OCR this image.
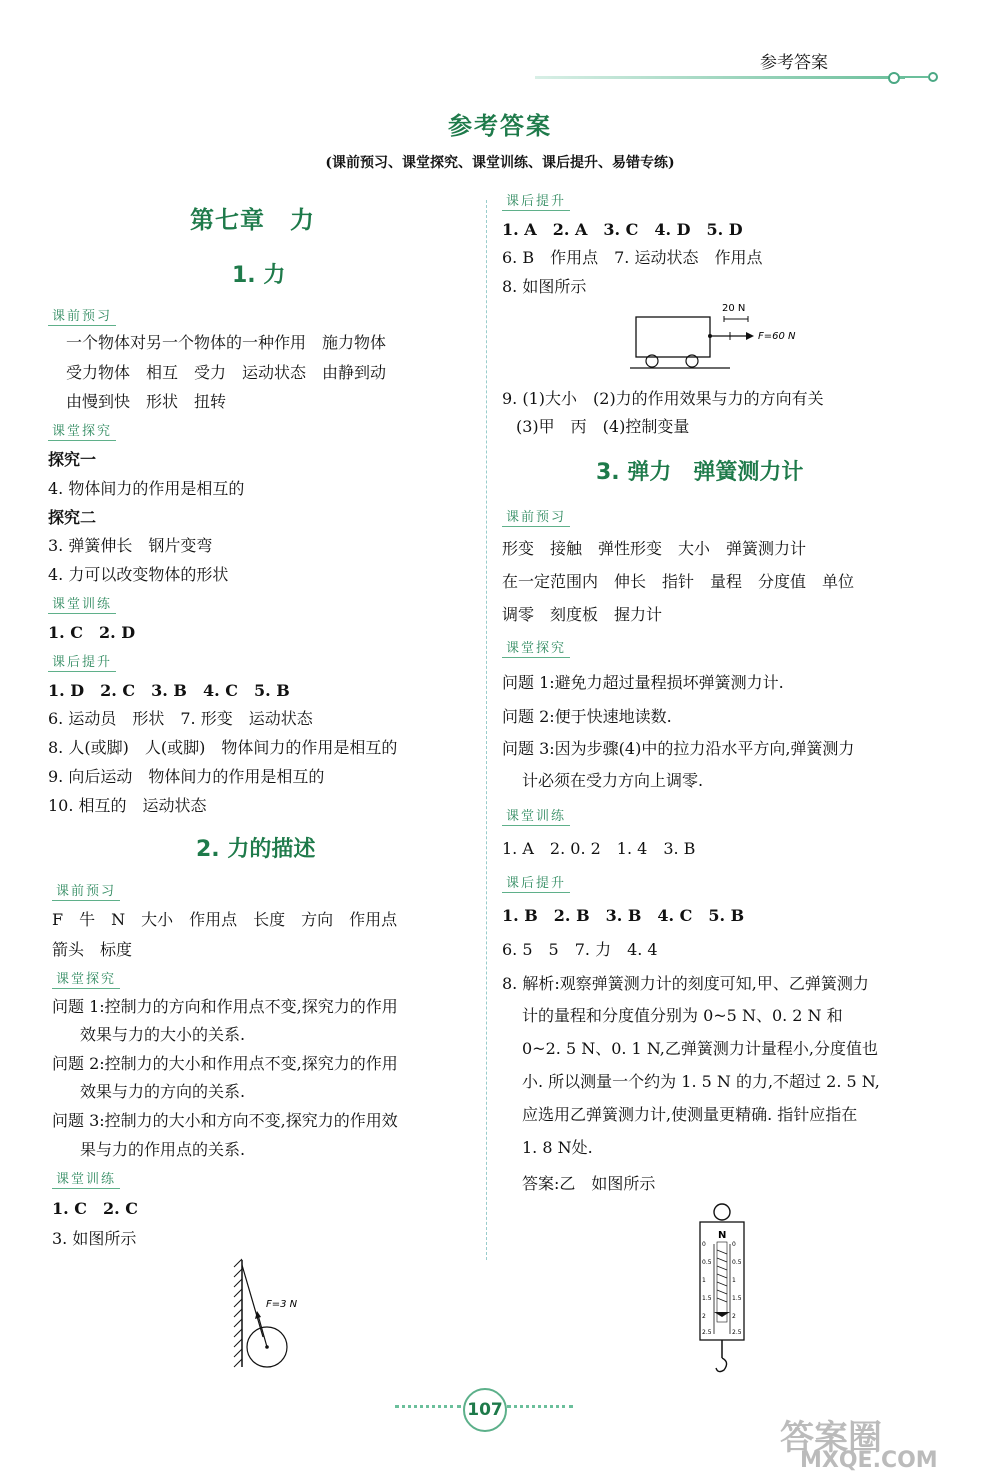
参考答案
参考答案
(课前预习、课堂探究、课堂训练、课后提升、易错专练)
第七章　力
1. 力
课前预习
一个物体对另一个物体的一种作用　施力物体
受力物体　相互　受力　运动状态　由静到动
由慢到快　形状　扭转
课堂探究
探究一
4. 物体间力的作用是相互的
探究二
3. 弹簧伸长　钢片变弯
4. 力可以改变物体的形状
课堂训练
1. C　2. D
课后提升
1. D　2. C　3. B　4. C　5. B
6. 运动员　形状　7. 形变　运动状态
8. 人(或脚)　人(或脚)　物体间力的作用是相互的
9. 向后运动　物体间力的作用是相互的
10. 相互的　运动状态
2. 力的描述
课前预习
F　牛　N　大小　作用点　长度　方向　作用点
箭头　标度
课堂探究
问题 1:控制力的方向和作用点不变,探究力的作用
效果与力的大小的关系.
问题 2:控制力的大小和作用点不变,探究力的作用
效果与力的方向的关系.
问题 3:控制力的大小和方向不变,探究力的作用效
果与力的作用点的关系.
课堂训练
1. C　2. C
3. 如图所示
F=3 N
课后提升
1. A　2. A　3. C　4. D　5. D
6. B　作用点　7. 运动状态　作用点
8. 如图所示
20 N
F=60 N
9. (1)大小　(2)力的作用效果与力的方向有关
(3)甲　丙　(4)控制变量
3. 弹力　弹簧测力计
课前预习
形变　接触　弹性形变　大小　弹簧测力计
在一定范围内　伸长　指针　量程　分度值　单位
调零　刻度板　握力计
课堂探究
问题 1:避免力超过量程损坏弹簧测力计.
问题 2:便于快速地读数.
问题 3:因为步骤(4)中的拉力沿水平方向,弹簧测力
计必须在受力方向上调零.
课堂训练
1. A　2. 0. 2　1. 4　3. B
课后提升
1. B　2. B　3. B　4. C　5. B
6. 5　5　7. 力　4. 4
8. 解析:观察弹簧测力计的刻度可知,甲、乙弹簧测力
计的量程和分度值分别为 0~5 N、0. 2 N 和
0~2. 5 N、0. 1 N,乙弹簧测力计量程小,分度值也
小. 所以测量一个约为 1. 5 N 的力,不超过 2. 5 N,
应选用乙弹簧测力计,使测量更精确. 指针应指在
1. 8 N处.
答案:乙　如图所示
N
0	0
0.5	0.5
1	1
1.5	1.5
2	2
2.5	2.5
107
答案圈
MXQE.COM
